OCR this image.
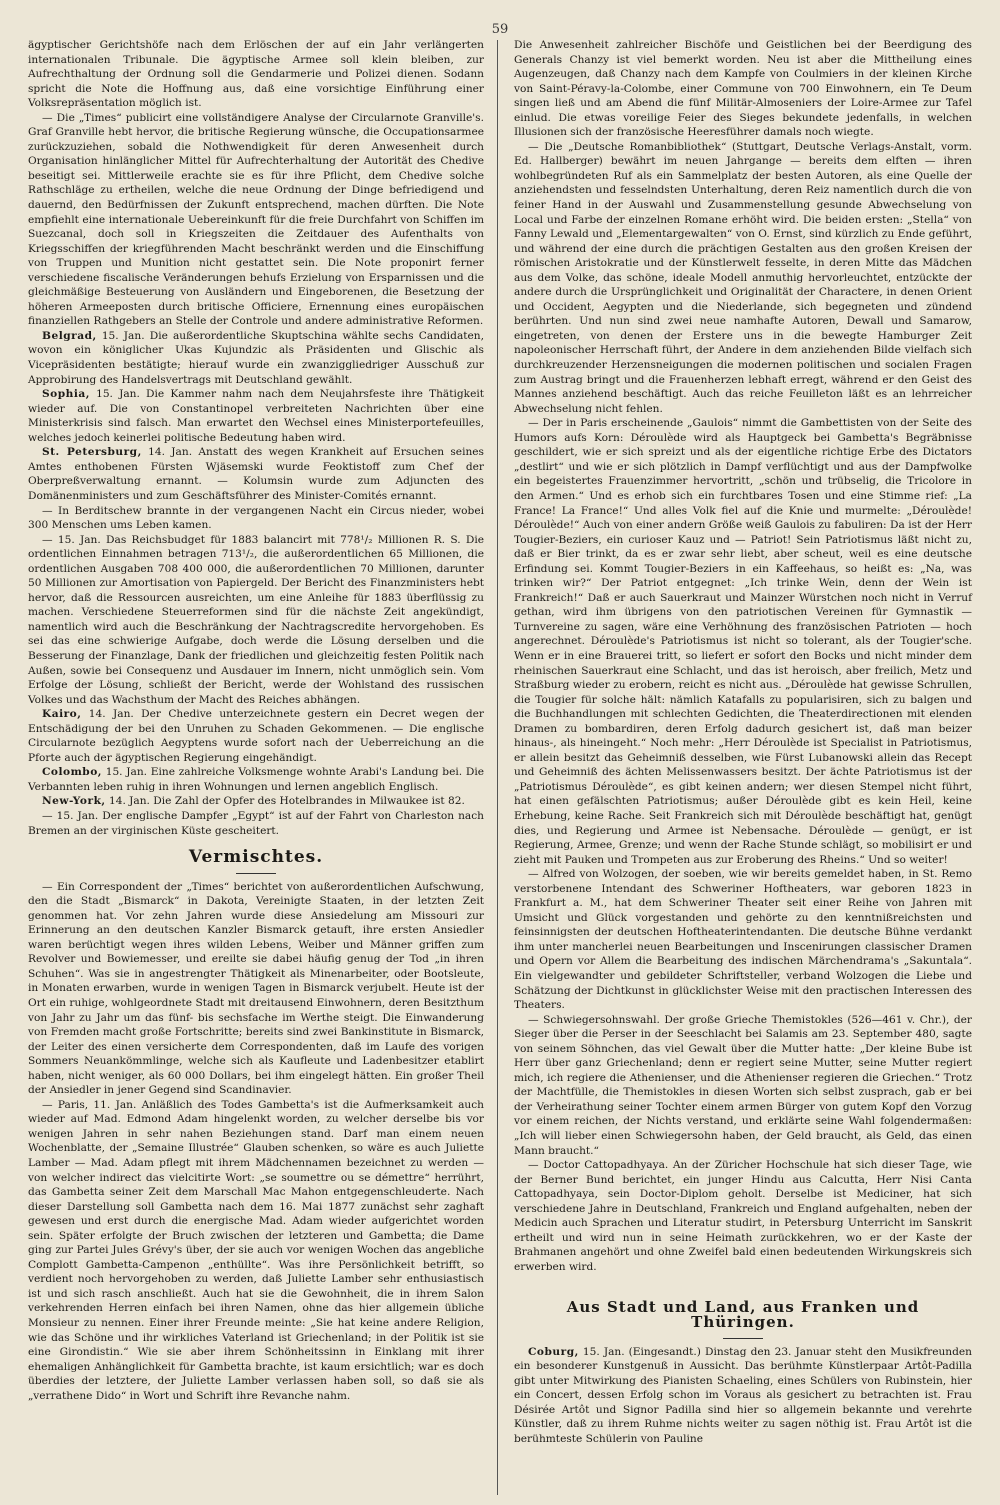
59

ägyptischer Gerichtshöfe nach dem Erlöschen der auf ein Jahr verlängerten internationalen Tribunale. Die ägyptische Armee soll klein bleiben, zur Aufrechthaltung der Ordnung soll die Gendarmerie und Polizei dienen. Sodann spricht die Note die Hoffnung aus, daß eine vorsichtige Einführung einer Volksrepräsentation möglich ist.

— Die „Times“ publicirt eine vollständigere Analyse der Circularnote Granville's. Graf Granville hebt hervor, die britische Regierung wünsche, die Occupationsarmee zurückzuziehen, sobald die Nothwendigkeit für deren Anwesenheit durch Organisation hinlänglicher Mittel für Aufrechterhaltung der Autorität des Chedive beseitigt sei. Mittlerweile erachte sie es für ihre Pflicht, dem Chedive solche Rathschläge zu ertheilen, welche die neue Ordnung der Dinge befriedigend und dauernd, den Bedürfnissen der Zukunft entsprechend, machen dürften. Die Note empfiehlt eine internationale Uebereinkunft für die freie Durchfahrt von Schiffen im Suezcanal, doch soll in Kriegszeiten die Zeitdauer des Aufenthalts von Kriegsschiffen der kriegführenden Macht beschränkt werden und die Einschiffung von Truppen und Munition nicht gestattet sein. Die Note proponirt ferner verschiedene fiscalische Veränderungen behufs Erzielung von Ersparnissen und die gleichmäßige Besteuerung von Ausländern und Eingeborenen, die Besetzung der höheren Armeeposten durch britische Officiere, Ernennung eines europäischen finanziellen Rathgebers an Stelle der Controle und andere administrative Reformen.

Belgrad, 15. Jan. Die außerordentliche Skuptschina wählte sechs Candidaten, wovon ein königlicher Ukas Kujundzic als Präsidenten und Glischic als Vicepräsidenten bestätigte; hierauf wurde ein zwanziggliedriger Ausschuß zur Approbirung des Handelsvertrags mit Deutschland gewählt.

Sophia, 15. Jan. Die Kammer nahm nach dem Neujahrsfeste ihre Thätigkeit wieder auf. Die von Constantinopel verbreiteten Nachrichten über eine Ministerkrisis sind falsch. Man erwartet den Wechsel eines Ministerportefeuilles, welches jedoch keinerlei politische Bedeutung haben wird.

St. Petersburg, 14. Jan. Anstatt des wegen Krankheit auf Ersuchen seines Amtes enthobenen Fürsten Wjäsemski wurde Feoktistoff zum Chef der Oberpreßverwaltung ernannt. — Kolumsin wurde zum Adjuncten des Domänenministers und zum Geschäftsführer des Minister-Comités ernannt.

— In Berditschew brannte in der vergangenen Nacht ein Circus nieder, wobei 300 Menschen ums Leben kamen.

— 15. Jan. Das Reichsbudget für 1883 balancirt mit 778¹/₂ Millionen R. S. Die ordentlichen Einnahmen betragen 713¹/₂, die außerordentlichen 65 Millionen, die ordentlichen Ausgaben 708 400 000, die außerordentlichen 70 Millionen, darunter 50 Millionen zur Amortisation von Papiergeld. Der Bericht des Finanzministers hebt hervor, daß die Ressourcen ausreichten, um eine Anleihe für 1883 überflüssig zu machen. Verschiedene Steuerreformen sind für die nächste Zeit angekündigt, namentlich wird auch die Beschränkung der Nachtragscredite hervorgehoben. Es sei das eine schwierige Aufgabe, doch werde die Lösung derselben und die Besserung der Finanzlage, Dank der friedlichen und gleichzeitig festen Politik nach Außen, sowie bei Consequenz und Ausdauer im Innern, nicht unmöglich sein. Vom Erfolge der Lösung, schließt der Bericht, werde der Wohlstand des russischen Volkes und das Wachsthum der Macht des Reiches abhängen.

Kairo, 14. Jan. Der Chedive unterzeichnete gestern ein Decret wegen der Entschädigung der bei den Unruhen zu Schaden Gekommenen. — Die englische Circularnote bezüglich Aegyptens wurde sofort nach der Ueberreichung an die Pforte auch der ägyptischen Regierung eingehändigt.

Colombo, 15. Jan. Eine zahlreiche Volksmenge wohnte Arabi's Landung bei. Die Verbannten leben ruhig in ihren Wohnungen und lernen angeblich Englisch.

New-York, 14. Jan. Die Zahl der Opfer des Hotelbrandes in Milwaukee ist 82.

— 15. Jan. Der englische Dampfer „Egypt“ ist auf der Fahrt von Charleston nach Bremen an der virginischen Küste gescheitert.

Vermischtes.

— Ein Correspondent der „Times“ berichtet von außerordentlichen Aufschwung, den die Stadt „Bismarck“ in Dakota, Vereinigte Staaten, in der letzten Zeit genommen hat. Vor zehn Jahren wurde diese Ansiedelung am Missouri zur Erinnerung an den deutschen Kanzler Bismarck getauft, ihre ersten Ansiedler waren berüchtigt wegen ihres wilden Lebens, Weiber und Männer griffen zum Revolver und Bowiemesser, und ereilte sie dabei häufig genug der Tod „in ihren Schuhen“. Was sie in angestrengter Thätigkeit als Minenarbeiter, oder Bootsleute, in Monaten erwarben, wurde in wenigen Tagen in Bismarck verjubelt. Heute ist der Ort ein ruhige, wohlgeordnete Stadt mit dreitausend Einwohnern, deren Besitzthum von Jahr zu Jahr um das fünf- bis sechsfache im Werthe steigt. Die Einwanderung von Fremden macht große Fortschritte; bereits sind zwei Bankinstitute in Bismarck, der Leiter des einen versicherte dem Correspondenten, daß im Laufe des vorigen Sommers Neuankömmlinge, welche sich als Kaufleute und Ladenbesitzer etablirt haben, nicht weniger, als 60 000 Dollars, bei ihm eingelegt hätten. Ein großer Theil der Ansiedler in jener Gegend sind Scandinavier.

— Paris, 11. Jan. Anläßlich des Todes Gambetta's ist die Aufmerksamkeit auch wieder auf Mad. Edmond Adam hingelenkt worden, zu welcher derselbe bis vor wenigen Jahren in sehr nahen Beziehungen stand. Darf man einem neuen Wochenblatte, der „Semaine Illustrée“ Glauben schenken, so wäre es auch Juliette Lamber — Mad. Adam pflegt mit ihrem Mädchennamen bezeichnet zu werden — von welcher indirect das vielcitirte Wort: „se soumettre ou se démettre“ herrührt, das Gambetta seiner Zeit dem Marschall Mac Mahon entgegenschleuderte. Nach dieser Darstellung soll Gambetta nach dem 16. Mai 1877 zunächst sehr zaghaft gewesen und erst durch die energische Mad. Adam wieder aufgerichtet worden sein. Später erfolgte der Bruch zwischen der letzteren und Gambetta; die Dame ging zur Partei Jules Grévy's über, der sie auch vor wenigen Wochen das angebliche Complott Gambetta-Campenon „enthüllte“. Was ihre Persönlichkeit betrifft, so verdient noch hervorgehoben zu werden, daß Juliette Lamber sehr enthusiastisch ist und sich rasch anschließt. Auch hat sie die Gewohnheit, die in ihrem Salon verkehrenden Herren einfach bei ihren Namen, ohne das hier allgemein übliche Monsieur zu nennen. Einer ihrer Freunde meinte: „Sie hat keine andere Religion, wie das Schöne und ihr wirkliches Vaterland ist Griechenland; in der Politik ist sie eine Girondistin.“ Wie sie aber ihrem Schönheitssinn in Einklang mit ihrer ehemaligen Anhänglichkeit für Gambetta brachte, ist kaum ersichtlich; war es doch überdies der letztere, der Juliette Lamber verlassen haben soll, so daß sie als „verrathene Dido“ in Wort und Schrift ihre Revanche nahm.

Die Anwesenheit zahlreicher Bischöfe und Geistlichen bei der Beerdigung des Generals Chanzy ist viel bemerkt worden. Neu ist aber die Mittheilung eines Augenzeugen, daß Chanzy nach dem Kampfe von Coulmiers in der kleinen Kirche von Saint-Péravy-la-Colombe, einer Commune von 700 Einwohnern, ein Te Deum singen ließ und am Abend die fünf Militär-Almoseniers der Loire-Armee zur Tafel einlud. Die etwas voreilige Feier des Sieges bekundete jedenfalls, in welchen Illusionen sich der französische Heeresführer damals noch wiegte.

— Die „Deutsche Romanbibliothek“ (Stuttgart, Deutsche Verlags-Anstalt, vorm. Ed. Hallberger) bewährt im neuen Jahrgange — bereits dem elften — ihren wohlbegründeten Ruf als ein Sammelplatz der besten Autoren, als eine Quelle der anziehendsten und fesselndsten Unterhaltung, deren Reiz namentlich durch die von feiner Hand in der Auswahl und Zusammenstellung gesunde Abwechselung von Local und Farbe der einzelnen Romane erhöht wird. Die beiden ersten: „Stella“ von Fanny Lewald und „Elementargewalten“ von O. Ernst, sind kürzlich zu Ende geführt, und während der eine durch die prächtigen Gestalten aus den großen Kreisen der römischen Aristokratie und der Künstlerwelt fesselte, in deren Mitte das Mädchen aus dem Volke, das schöne, ideale Modell anmuthig hervorleuchtet, entzückte der andere durch die Ursprünglichkeit und Originalität der Charactere, in denen Orient und Occident, Aegypten und die Niederlande, sich begegneten und zündend berührten. Und nun sind zwei neue namhafte Autoren, Dewall und Samarow, eingetreten, von denen der Erstere uns in die bewegte Hamburger Zeit napoleonischer Herrschaft führt, der Andere in dem anziehenden Bilde vielfach sich durchkreuzender Herzensneigungen die modernen politischen und socialen Fragen zum Austrag bringt und die Frauenherzen lebhaft erregt, während er den Geist des Mannes anziehend beschäftigt. Auch das reiche Feuilleton läßt es an lehrreicher Abwechselung nicht fehlen.

— Der in Paris erscheinende „Gaulois“ nimmt die Gambettisten von der Seite des Humors aufs Korn: Déroulède wird als Hauptgeck bei Gambetta's Begräbnisse geschildert, wie er sich spreizt und als der eigentliche richtige Erbe des Dictators „destlirt“ und wie er sich plötzlich in Dampf verflüchtigt und aus der Dampfwolke ein begeistertes Frauenzimmer hervortritt, „schön und trübselig, die Tricolore in den Armen.“ Und es erhob sich ein furchtbares Tosen und eine Stimme rief: „La France! La France!“ Und alles Volk fiel auf die Knie und murmelte: „Déroulède! Déroulède!“ Auch von einer andern Größe weiß Gaulois zu fabuliren: Da ist der Herr Tougier-Beziers, ein curioser Kauz und — Patriot! Sein Patriotismus läßt nicht zu, daß er Bier trinkt, da es er zwar sehr liebt, aber scheut, weil es eine deutsche Erfindung sei. Kommt Tougier-Beziers in ein Kaffeehaus, so heißt es: „Na, was trinken wir?“ Der Patriot entgegnet: „Ich trinke Wein, denn der Wein ist Frankreich!“ Daß er auch Sauerkraut und Mainzer Würstchen noch nicht in Verruf gethan, wird ihm übrigens von den patriotischen Vereinen für Gymnastik — Turnvereine zu sagen, wäre eine Verhöhnung des französischen Patrioten — hoch angerechnet. Déroulède's Patriotismus ist nicht so tolerant, als der Tougier'sche. Wenn er in eine Brauerei tritt, so liefert er sofort den Bocks und nicht minder dem rheinischen Sauerkraut eine Schlacht, und das ist heroisch, aber freilich, Metz und Straßburg wieder zu erobern, reicht es nicht aus. „Déroulède hat gewisse Schrullen, die Tougier für solche hält: nämlich Katafalls zu popularisiren, sich zu balgen und die Buchhandlungen mit schlechten Gedichten, die Theaterdirectionen mit elenden Dramen zu bombardiren, deren Erfolg dadurch gesichert ist, daß man beizer hinaus-, als hineingeht.“ Noch mehr: „Herr Déroulède ist Specialist in Patriotismus, er allein besitzt das Geheimniß desselben, wie Fürst Lubanowski allein das Recept und Geheimniß des ächten Melissenwassers besitzt. Der ächte Patriotismus ist der „Patriotismus Déroulède“, es gibt keinen andern; wer diesen Stempel nicht führt, hat einen gefälschten Patriotismus; außer Déroulède gibt es kein Heil, keine Erhebung, keine Rache. Seit Frankreich sich mit Déroulède beschäftigt hat, genügt dies, und Regierung und Armee ist Nebensache. Déroulède — genügt, er ist Regierung, Armee, Grenze; und wenn der Rache Stunde schlägt, so mobilisirt er und zieht mit Pauken und Trompeten aus zur Eroberung des Rheins.“ Und so weiter!

— Alfred von Wolzogen, der soeben, wie wir bereits gemeldet haben, in St. Remo verstorbenene Intendant des Schweriner Hoftheaters, war geboren 1823 in Frankfurt a. M., hat dem Schweriner Theater seit einer Reihe von Jahren mit Umsicht und Glück vorgestanden und gehörte zu den kenntnißreichsten und feinsinnigsten der deutschen Hoftheaterintendanten. Die deutsche Bühne verdankt ihm unter mancherlei neuen Bearbeitungen und Inscenirungen classischer Dramen und Opern vor Allem die Bearbeitung des indischen Märchendrama's „Sakuntala“. Ein vielgewandter und gebildeter Schriftsteller, verband Wolzogen die Liebe und Schätzung der Dichtkunst in glücklichster Weise mit den practischen Interessen des Theaters.

— Schwiegersohnswahl. Der große Grieche Themistokles (526—461 v. Chr.), der Sieger über die Perser in der Seeschlacht bei Salamis am 23. September 480, sagte von seinem Söhnchen, das viel Gewalt über die Mutter hatte: „Der kleine Bube ist Herr über ganz Griechenland; denn er regiert seine Mutter, seine Mutter regiert mich, ich regiere die Athenienser, und die Athenienser regieren die Griechen.“ Trotz der Machtfülle, die Themistokles in diesen Worten sich selbst zusprach, gab er bei der Verheirathung seiner Tochter einem armen Bürger von gutem Kopf den Vorzug vor einem reichen, der Nichts verstand, und erklärte seine Wahl folgendermaßen: „Ich will lieber einen Schwiegersohn haben, der Geld braucht, als Geld, das einen Mann braucht.“

— Doctor Cattopadhyaya. An der Züricher Hochschule hat sich dieser Tage, wie der Berner Bund berichtet, ein junger Hindu aus Calcutta, Herr Nisi Canta Cattopadhyaya, sein Doctor-Diplom geholt. Derselbe ist Mediciner, hat sich verschiedene Jahre in Deutschland, Frankreich und England aufgehalten, neben der Medicin auch Sprachen und Literatur studirt, in Petersburg Unterricht im Sanskrit ertheilt und wird nun in seine Heimath zurückkehren, wo er der Kaste der Brahmanen angehört und ohne Zweifel bald einen bedeutenden Wirkungskreis sich erwerben wird.

Aus Stadt und Land, aus Franken und Thüringen.

Coburg, 15. Jan. (Eingesandt.) Dinstag den 23. Januar steht den Musikfreunden ein besonderer Kunstgenuß in Aussicht. Das berühmte Künstlerpaar Artôt-Padilla gibt unter Mitwirkung des Pianisten Schaeling, eines Schülers von Rubinstein, hier ein Concert, dessen Erfolg schon im Voraus als gesichert zu betrachten ist. Frau Désirée Artôt und Signor Padilla sind hier so allgemein bekannte und verehrte Künstler, daß zu ihrem Ruhme nichts weiter zu sagen nöthig ist. Frau Artôt ist die berühmteste Schülerin von Pauline
